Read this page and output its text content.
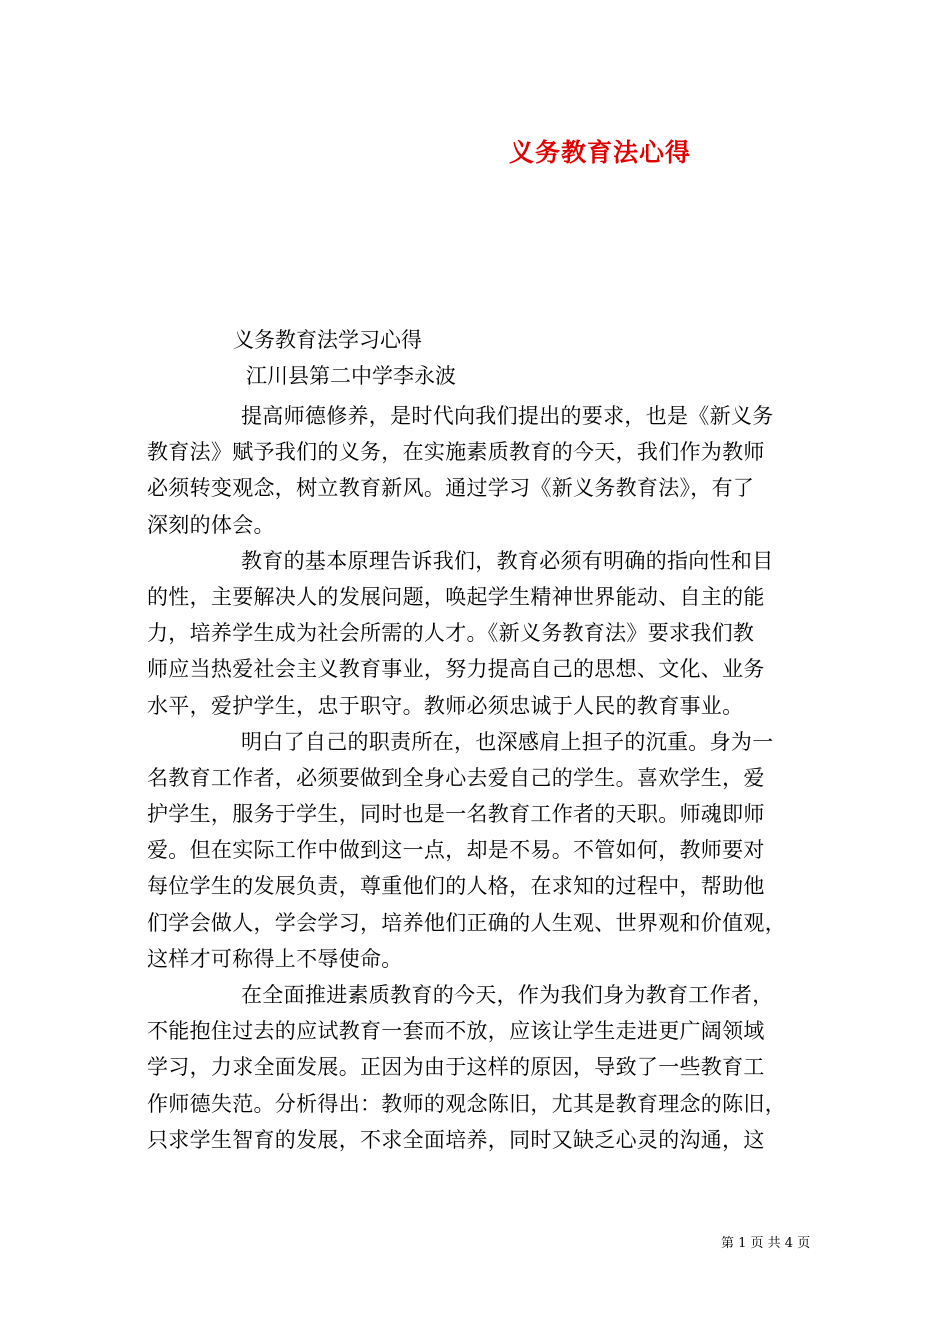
义务教育法心得
义务教育法学习心得
江川县第二中学李永波
提高师德修养，是时代向我们提出的要求，也是《新义务
教育法》赋予我们的义务，在实施素质教育的今天，我们作为教师
必须转变观念，树立教育新风。通过学习《新义务教育法》，有了
深刻的体会。
教育的基本原理告诉我们，教育必须有明确的指向性和目
的性，主要解决人的发展问题，唤起学生精神世界能动、自主的能
力，培养学生成为社会所需的人才。《新义务教育法》要求我们教
师应当热爱社会主义教育事业，努力提高自己的思想、文化、业务
水平，爱护学生，忠于职守。教师必须忠诚于人民的教育事业。
明白了自己的职责所在，也深感肩上担子的沉重。身为一
名教育工作者，必须要做到全身心去爱自己的学生。喜欢学生，爱
护学生，服务于学生，同时也是一名教育工作者的天职。师魂即师
爱。但在实际工作中做到这一点，却是不易。不管如何，教师要对
每位学生的发展负责，尊重他们的人格，在求知的过程中，帮助他
们学会做人，学会学习，培养他们正确的人生观、世界观和价值观，
这样才可称得上不辱使命。
在全面推进素质教育的今天，作为我们身为教育工作者，
不能抱住过去的应试教育一套而不放，应该让学生走进更广阔领域
学习，力求全面发展。正因为由于这样的原因，导致了一些教育工
作师德失范。分析得出：教师的观念陈旧，尤其是教育理念的陈旧，
只求学生智育的发展，不求全面培养，同时又缺乏心灵的沟通，这
第 1 页 共 4 页
